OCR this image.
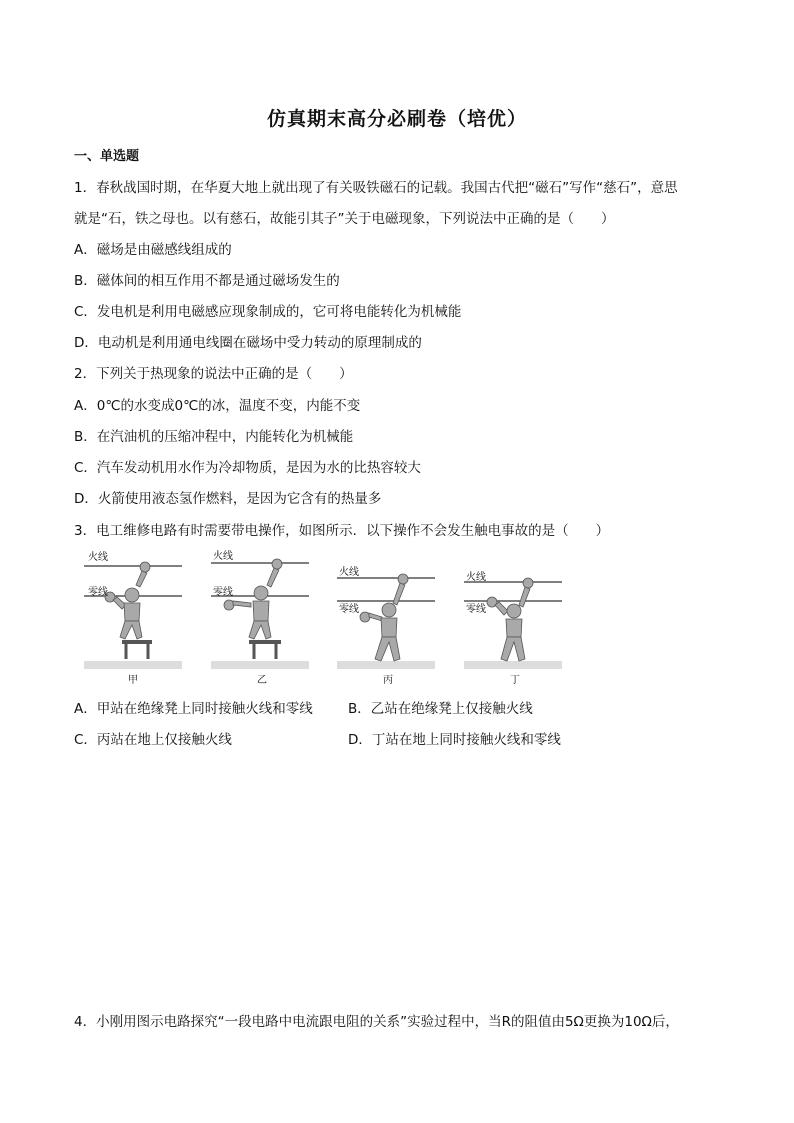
仿真期末高分必刷卷（培优）
一、单选题
1．春秋战国时期，在华夏大地上就出现了有关吸铁磁石的记载。我国古代把“磁石”写作“慈石”，意思
就是“石，铁之母也。以有慈石，故能引其子”关于电磁现象，下列说法中正确的是（　　）
A．磁场是由磁感线组成的
B．磁体间的相互作用不都是通过磁场发生的
C．发电机是利用电磁感应现象制成的，它可将电能转化为机械能
D．电动机是利用通电线圈在磁场中受力转动的原理制成的
2．下列关于热现象的说法中正确的是（　　）
A．0℃的水变成0℃的冰，温度不变，内能不变
B．在汽油机的压缩冲程中，内能转化为机械能
C．汽车发动机用水作为冷却物质，是因为水的比热容较大
D．火箭使用液态氢作燃料，是因为它含有的热量多
3．电工维修电路有时需要带电操作，如图所示．以下操作不会发生触电事故的是（　　）
火线
零线
甲
火线
零线
乙
火线
零线
丙
火线
零线
丁
A．甲站在绝缘凳上同时接触火线和零线	B．乙站在绝缘凳上仅接触火线
C．丙站在地上仅接触火线	D．丁站在地上同时接触火线和零线
4．小刚用图示电路探究“一段电路中电流跟电阻的关系”实验过程中，当R的阻值由5Ω更换为10Ω后，
